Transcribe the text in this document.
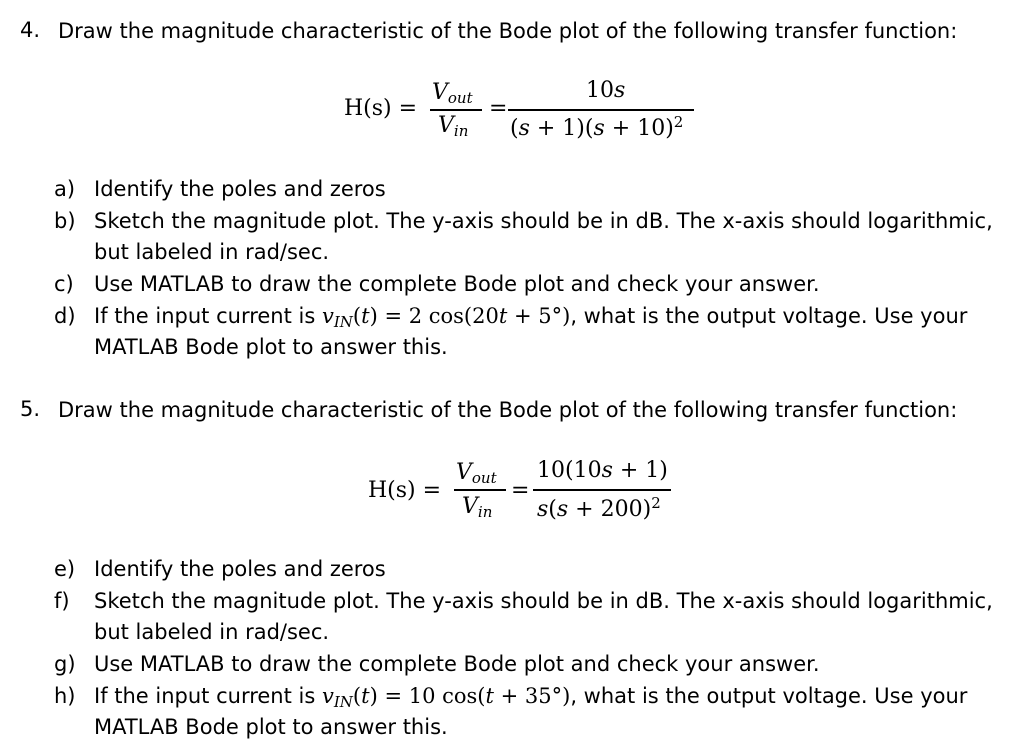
4. Draw the magnitude characteristic of the Bode plot of the following transfer function:
H(s) =
$V_{out}$
$V_{in}$
=
10s
$(s + 1)(s + 10)^2$
a) Identify the poles and zeros
b) Sketch the magnitude plot. The y-axis should be in dB. The x-axis should logarithmic,
but labeled in rad/sec.
c) Use MATLAB to draw the complete Bode plot and check your answer.
d) If the input current is $v_{IN}(t) = 2$ cos(20t + 5°), what is the output voltage. Use your
MATLAB Bode plot to answer this.
5. Draw the magnitude characteristic of the Bode plot of the following transfer function:
H(s) =
$V_{out}$
$V_{in}$
=
10(10s + 1)
$s(s + 200)^2$
e) Identify the poles and zeros
f) Sketch the magnitude plot. The y-axis should be in dB. The x-axis should logarithmic,
but labeled in rad/sec.
g) Use MATLAB to draw the complete Bode plot and check your answer.
h) If the input current is $v_{IN}(t) = 10$ cos(t + 35°), what is the output voltage. Use your
MATLAB Bode plot to answer this.
